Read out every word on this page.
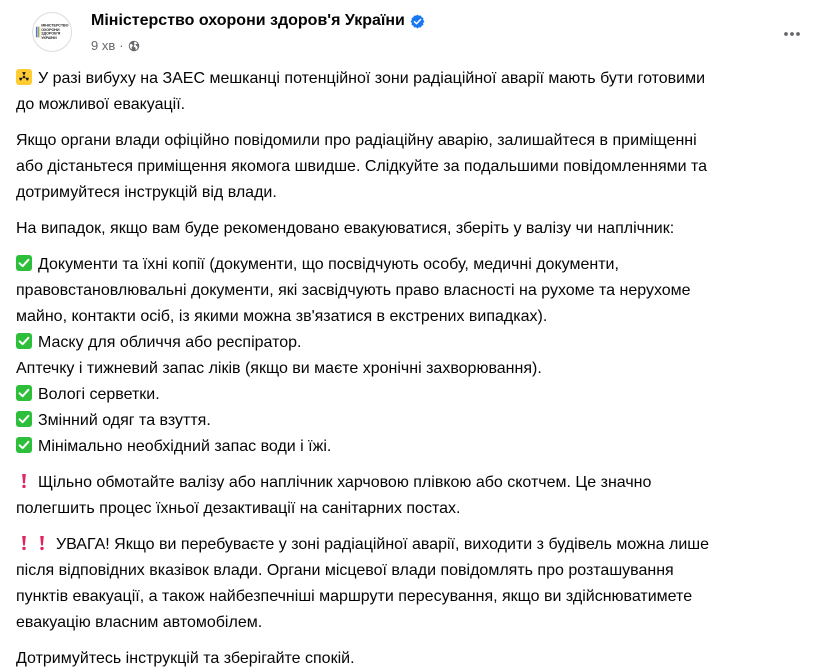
МІНІСТЕРСТВО
ОХОРОНИ
ЗДОРОВ'Я
УКРАЇНИ
Міністерство охорони здоров'я України
9 хв ·
У разі вибуху на ЗАЕС мешканці потенційної зони радіаційної аварії мають бути готовими
до можливої евакуації.
Якщо органи влади офіційно повідомили про радіаційну аварію, залишайтеся в приміщенні
або дістаньтеся приміщення якомога швидше. Слідкуйте за подальшими повідомленнями та
дотримуйтеся інструкцій від влади.
На випадок, якщо вам буде рекомендовано евакуюватися, зберіть у валізу чи наплічник:
Документи та їхні копії (документи, що посвідчують особу, медичні документи,
правовстановлювальні документи, які засвідчують право власності на рухоме та нерухоме
майно, контакти осіб, із якими можна зв'язатися в екстрених випадках).
Маску для обличчя або респіратор.
Аптечку і тижневий запас ліків (якщо ви маєте хронічні захворювання).
Вологі серветки.
Змінний одяг та взуття.
Мінімально необхідний запас води і їжі.
Щільно обмотайте валізу або наплічник харчовою плівкою або скотчем. Це значно
полегшить процес їхньої дезактивації на санітарних постах.
УВАГА! Якщо ви перебуваєте у зоні радіаційної аварії, виходити з будівель можна лише
після відповідних вказівок влади. Органи місцевої влади повідомлять про розташування
пунктів евакуації, а також найбезпечніші маршрути пересування, якщо ви здійснюватимете
евакуацію власним автомобілем.
Дотримуйтесь інструкцій та зберігайте спокій.
